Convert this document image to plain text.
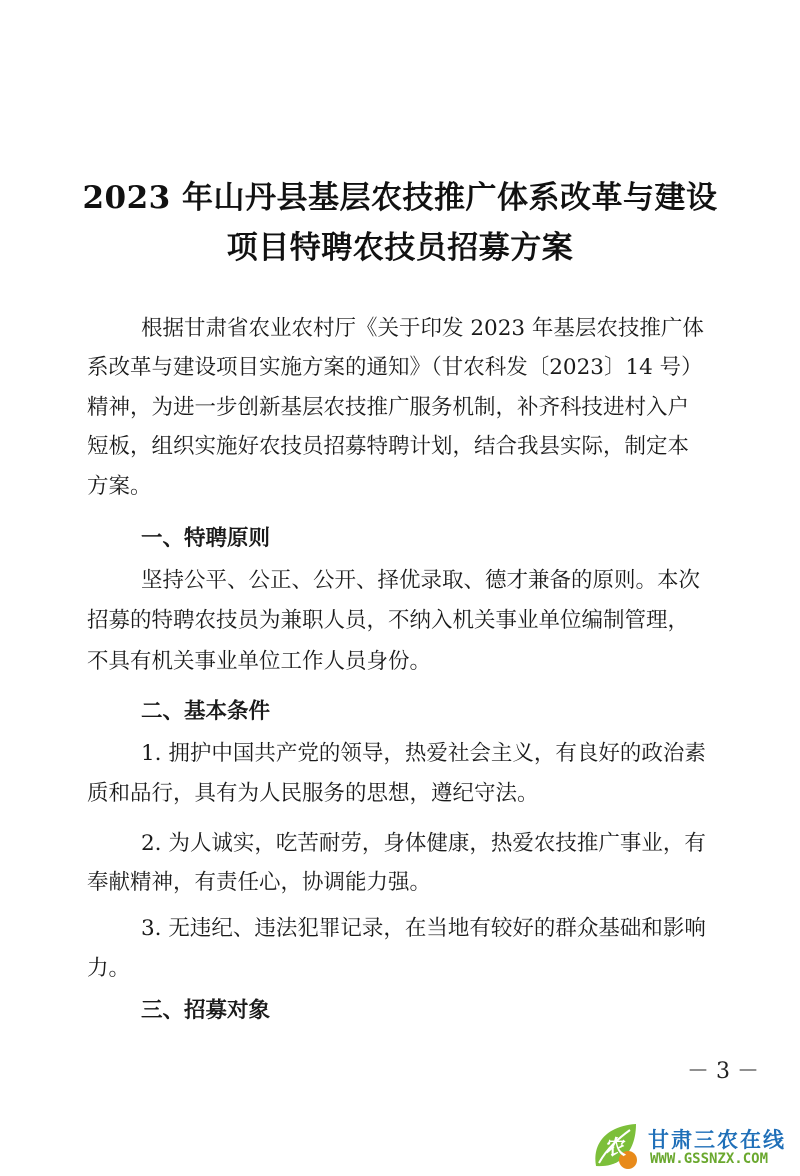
2023 年山丹县基层农技推广体系改革与建设
项目特聘农技员招募方案
根据甘肃省农业农村厅《关于印发 2023 年基层农技推广体
系改革与建设项目实施方案的通知》（甘农科发〔2023〕14 号）
精神，为进一步创新基层农技推广服务机制，补齐科技进村入户
短板，组织实施好农技员招募特聘计划，结合我县实际，制定本
方案。
一、特聘原则
坚持公平、公正、公开、择优录取、德才兼备的原则。本次
招募的特聘农技员为兼职人员，不纳入机关事业单位编制管理，
不具有机关事业单位工作人员身份。
二、基本条件
1. 拥护中国共产党的领导，热爱社会主义，有良好的政治素
质和品行，具有为人民服务的思想，遵纪守法。
2. 为人诚实，吃苦耐劳，身体健康，热爱农技推广事业，有
奉献精神，有责任心，协调能力强。
3. 无违纪、违法犯罪记录，在当地有较好的群众基础和影响
力。
三、招募对象
－ 3 －
农 甘肃三农在线
WWW.GSSNZX.COM
